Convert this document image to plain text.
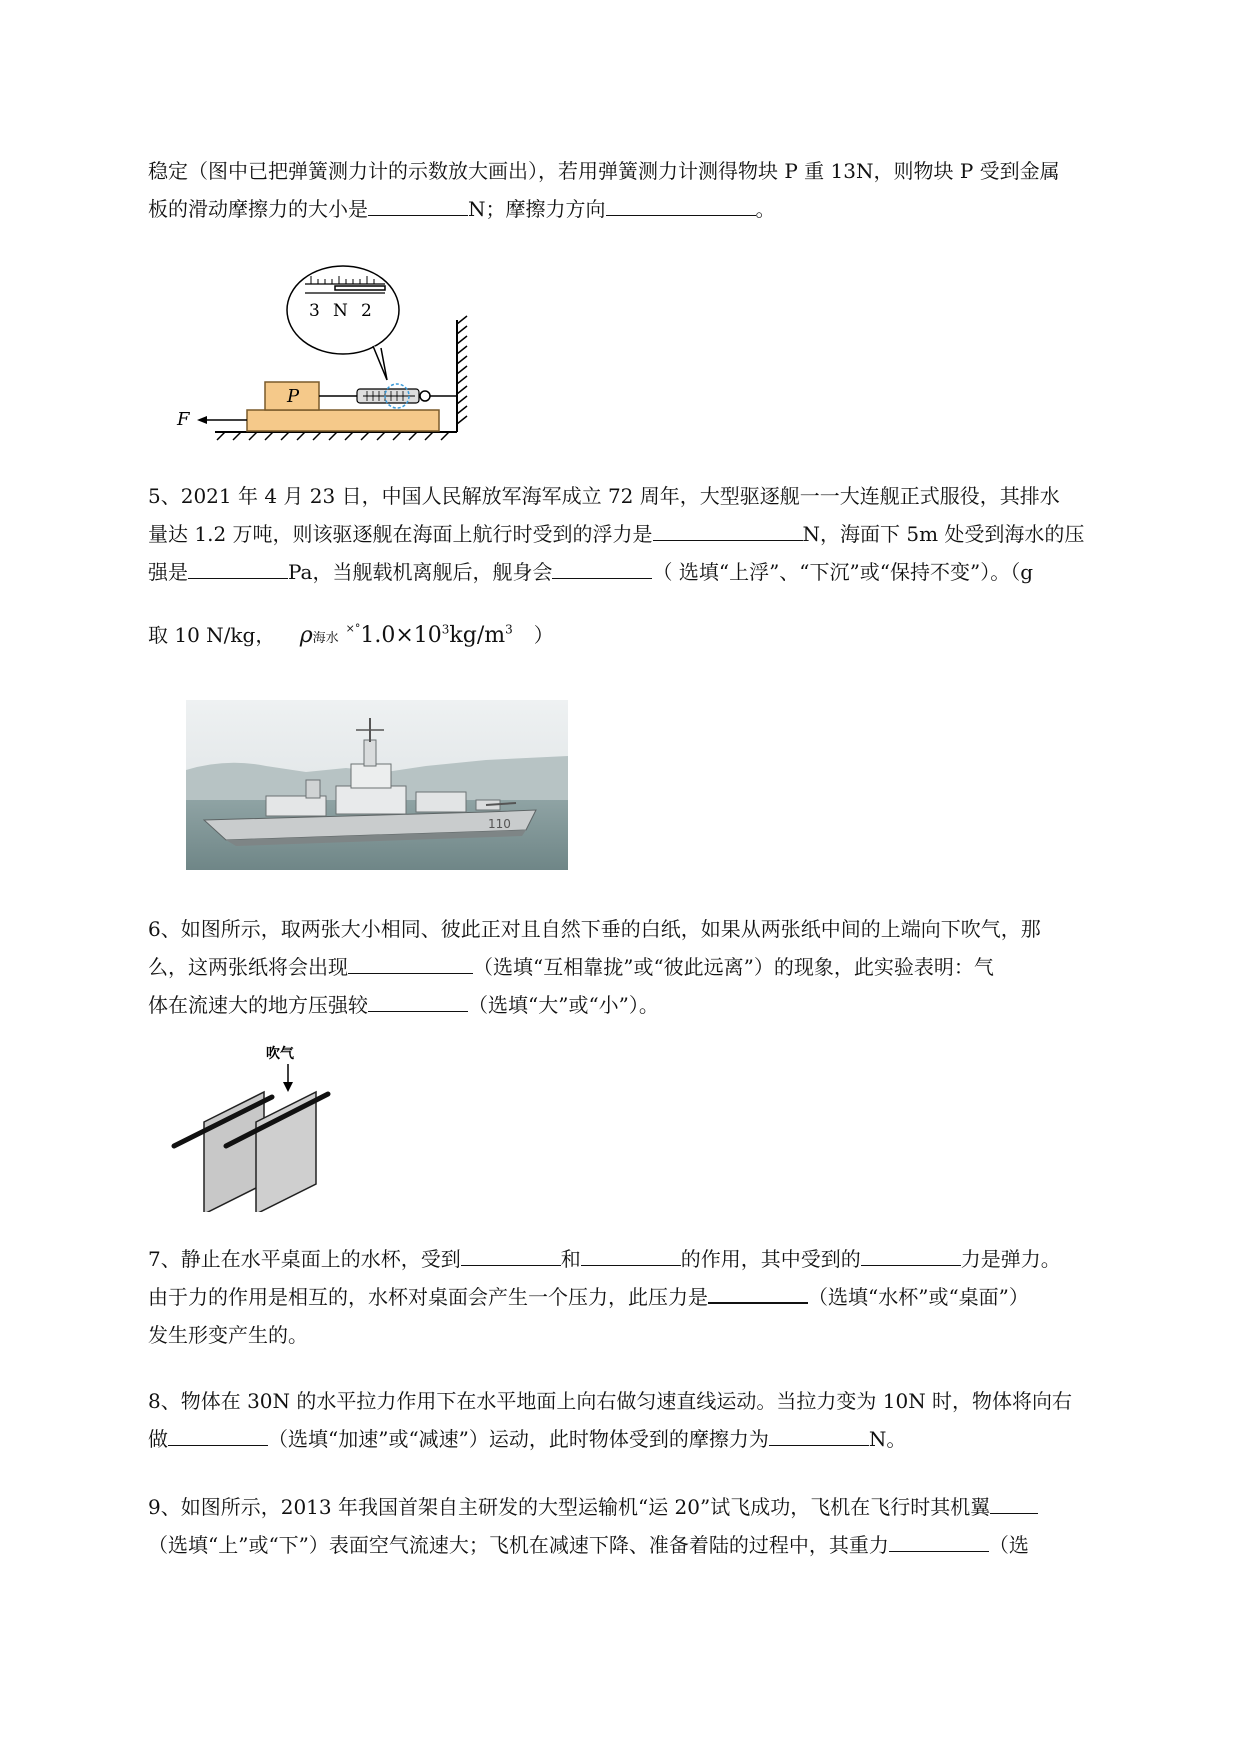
稳定（图中已把弹簧测力计的示数放大画出），若用弹簧测力计测得物块 P 重 13N，则物块 P 受到金属
板的滑动摩擦力的大小是	N；摩擦力方向	。
P
3 N 2
F
5、2021 年 4 月 23 日，中国人民解放军海军成立 72 周年，大型驱逐舰一一大连舰正式服役，其排水
量达 1.2 万吨，则该驱逐舰在海面上航行时受到的浮力是	N，海面下 5m 处受到海水的压
强是	Pa，当舰载机离舰后，舰身会	（ 选填“上浮”、“下沉”或“保持不变”）。（g
取 10 N/kg， ρ海水 $^{\times^\circ}1.0\times 10^3kg/m^3$ ）
110
6、如图所示，取两张大小相同、彼此正对且自然下垂的白纸，如果从两张纸中间的上端向下吹气，那
么，这两张纸将会出现	（选填“互相靠拢”或“彼此远离”）的现象，此实验表明：气
体在流速大的地方压强较	（选填“大”或“小”）。
吹气
7、静止在水平桌面上的水杯，受到	和	的作用，其中受到的	力是弹力。
由于力的作用是相互的，水杯对桌面会产生一个压力，此压力是	（选填“水杯”或“桌面”）
发生形变产生的。
8、物体在 30N 的水平拉力作用下在水平地面上向右做匀速直线运动。当拉力变为 10N 时，物体将向右
做	（选填“加速”或“减速”）运动，此时物体受到的摩擦力为	N。
9、如图所示，2013 年我国首架自主研发的大型运输机“运 20”试飞成功，飞机在飞行时其机翼
（选填“上”或“下”）表面空气流速大；飞机在减速下降、准备着陆的过程中，其重力	（选
